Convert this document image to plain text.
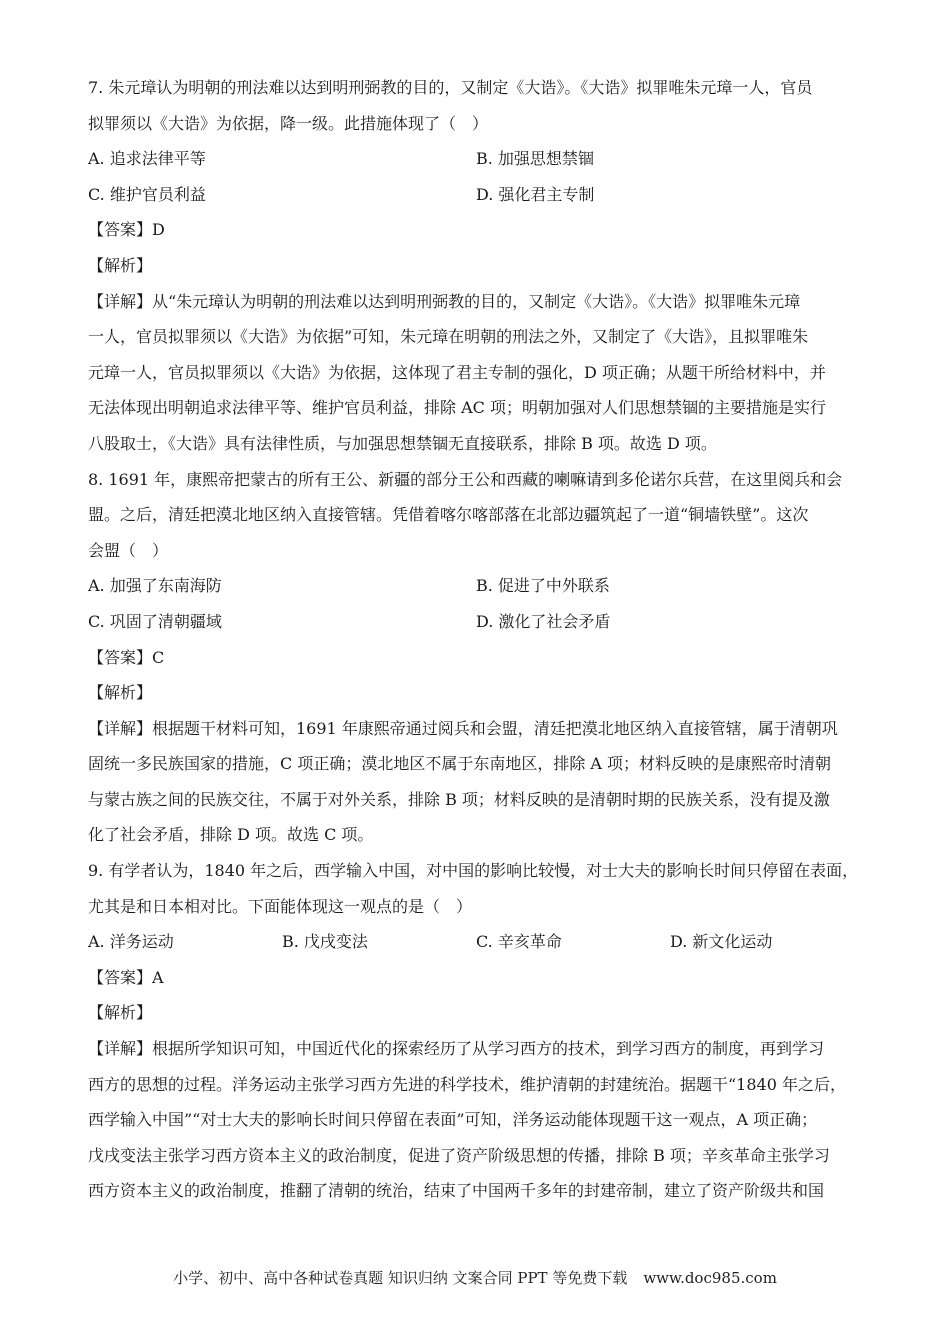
7. 朱元璋认为明朝的刑法难以达到明刑弼教的目的，又制定《大诰》。《大诰》拟罪唯朱元璋一人，官员
拟罪须以《大诰》为依据，降一级。此措施体现了（　）
A. 追求法律平等	B. 加强思想禁锢
C. 维护官员利益	D. 强化君主专制
【答案】D
【解析】
【详解】从“朱元璋认为明朝的刑法难以达到明刑弼教的目的，又制定《大诰》。《大诰》拟罪唯朱元璋
一人，官员拟罪须以《大诰》为依据”可知，朱元璋在明朝的刑法之外，又制定了《大诰》，且拟罪唯朱
元璋一人，官员拟罪须以《大诰》为依据，这体现了君主专制的强化，D 项正确；从题干所给材料中，并
无法体现出明朝追求法律平等、维护官员利益，排除 AC 项；明朝加强对人们思想禁锢的主要措施是实行
八股取士，《大诰》具有法律性质，与加强思想禁锢无直接联系，排除 B 项。故选 D 项。
8. 1691 年，康熙帝把蒙古的所有王公、新疆的部分王公和西藏的喇嘛请到多伦诺尔兵营，在这里阅兵和会
盟。之后，清廷把漠北地区纳入直接管辖。凭借着喀尔喀部落在北部边疆筑起了一道“铜墙铁壁”。这次
会盟（　）
A. 加强了东南海防	B. 促进了中外联系
C. 巩固了清朝疆域	D. 激化了社会矛盾
【答案】C
【解析】
【详解】根据题干材料可知，1691 年康熙帝通过阅兵和会盟，清廷把漠北地区纳入直接管辖，属于清朝巩
固统一多民族国家的措施，C 项正确；漠北地区不属于东南地区，排除 A 项；材料反映的是康熙帝时清朝
与蒙古族之间的民族交往，不属于对外关系，排除 B 项；材料反映的是清朝时期的民族关系，没有提及激
化了社会矛盾，排除 D 项。故选 C 项。
9. 有学者认为，1840 年之后，西学输入中国，对中国的影响比较慢，对士大夫的影响长时间只停留在表面，
尤其是和日本相对比。下面能体现这一观点的是（　）
A. 洋务运动	B. 戊戌变法	C. 辛亥革命	D. 新文化运动
【答案】A
【解析】
【详解】根据所学知识可知，中国近代化的探索经历了从学习西方的技术，到学习西方的制度，再到学习
西方的思想的过程。洋务运动主张学习西方先进的科学技术，维护清朝的封建统治。据题干“1840 年之后，
西学输入中国”“对士大夫的影响长时间只停留在表面”可知，洋务运动能体现题干这一观点，A 项正确；
戊戌变法主张学习西方资本主义的政治制度，促进了资产阶级思想的传播，排除 B 项；辛亥革命主张学习
西方资本主义的政治制度，推翻了清朝的统治，结束了中国两千多年的封建帝制，建立了资产阶级共和国
小学、初中、高中各种试卷真题 知识归纳 文案合同 PPT 等免费下载 www.doc985.com
